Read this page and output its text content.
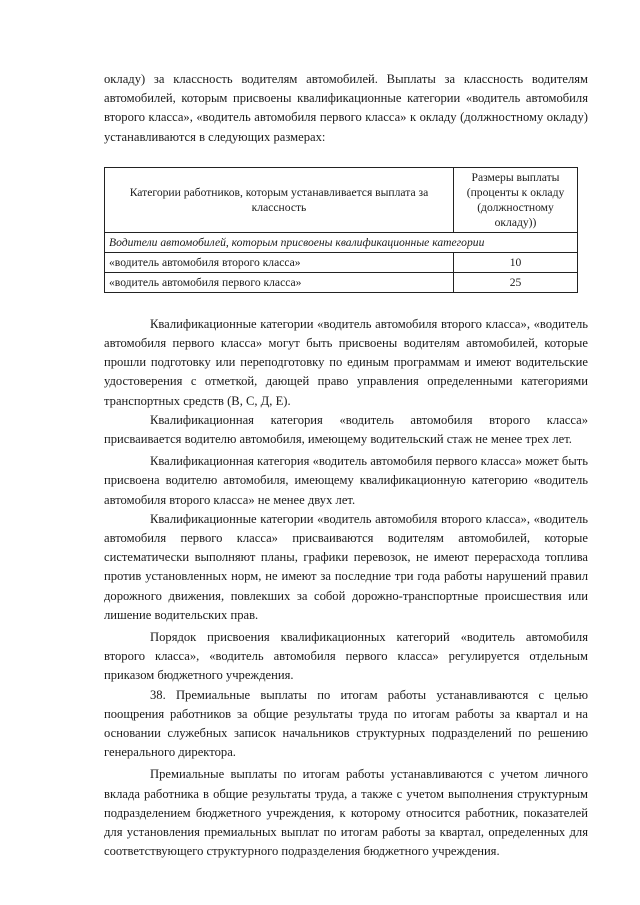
окладу) за классность водителям автомобилей. Выплаты за классность водителям автомобилей, которым присвоены квалификационные категории «водитель автомобиля второго класса», «водитель автомобиля первого класса» к окладу (должностному окладу) устанавливаются в следующих размерах:

Категории работников, которым устанавливается выплата за классность	Размеры выплаты (проценты к окладу (должностному окладу))
Водители автомобилей, которым присвоены квалификационные категории	
«водитель автомобиля второго класса»	10
«водитель автомобиля первого класса»	25

Квалификационные категории «водитель автомобиля второго класса», «водитель автомобиля первого класса» могут быть присвоены водителям автомобилей, которые прошли подготовку или переподготовку по единым программам и имеют водительские удостоверения с отметкой, дающей право управления определенными категориями транспортных средств (B, C, Д, E).

Квалификационная категория «водитель автомобиля второго класса» присваивается водителю автомобиля, имеющему водительский стаж не менее трех лет.

Квалификационная категория «водитель автомобиля первого класса» может быть присвоена водителю автомобиля, имеющему квалификационную категорию «водитель автомобиля второго класса» не менее двух лет.

Квалификационные категории «водитель автомобиля второго класса», «водитель автомобиля первого класса» присваиваются водителям автомобилей, которые систематически выполняют планы, графики перевозок, не имеют перерасхода топлива против установленных норм, не имеют за последние три года работы нарушений правил дорожного движения, повлекших за собой дорожно-транспортные происшествия или лишение водительских прав.

Порядок присвоения квалификационных категорий «водитель автомобиля второго класса», «водитель автомобиля первого класса» регулируется отдельным приказом бюджетного учреждения.

38. Премиальные выплаты по итогам работы устанавливаются с целью поощрения работников за общие результаты труда по итогам работы за квартал и на основании служебных записок начальников структурных подразделений по решению генерального директора.

Премиальные выплаты по итогам работы устанавливаются с учетом личного вклада работника в общие результаты труда, а также с учетом выполнения структурным подразделением бюджетного учреждения, к которому относится работник, показателей для установления премиальных выплат по итогам работы за квартал, определенных для соответствующего структурного подразделения бюджетного учреждения.
